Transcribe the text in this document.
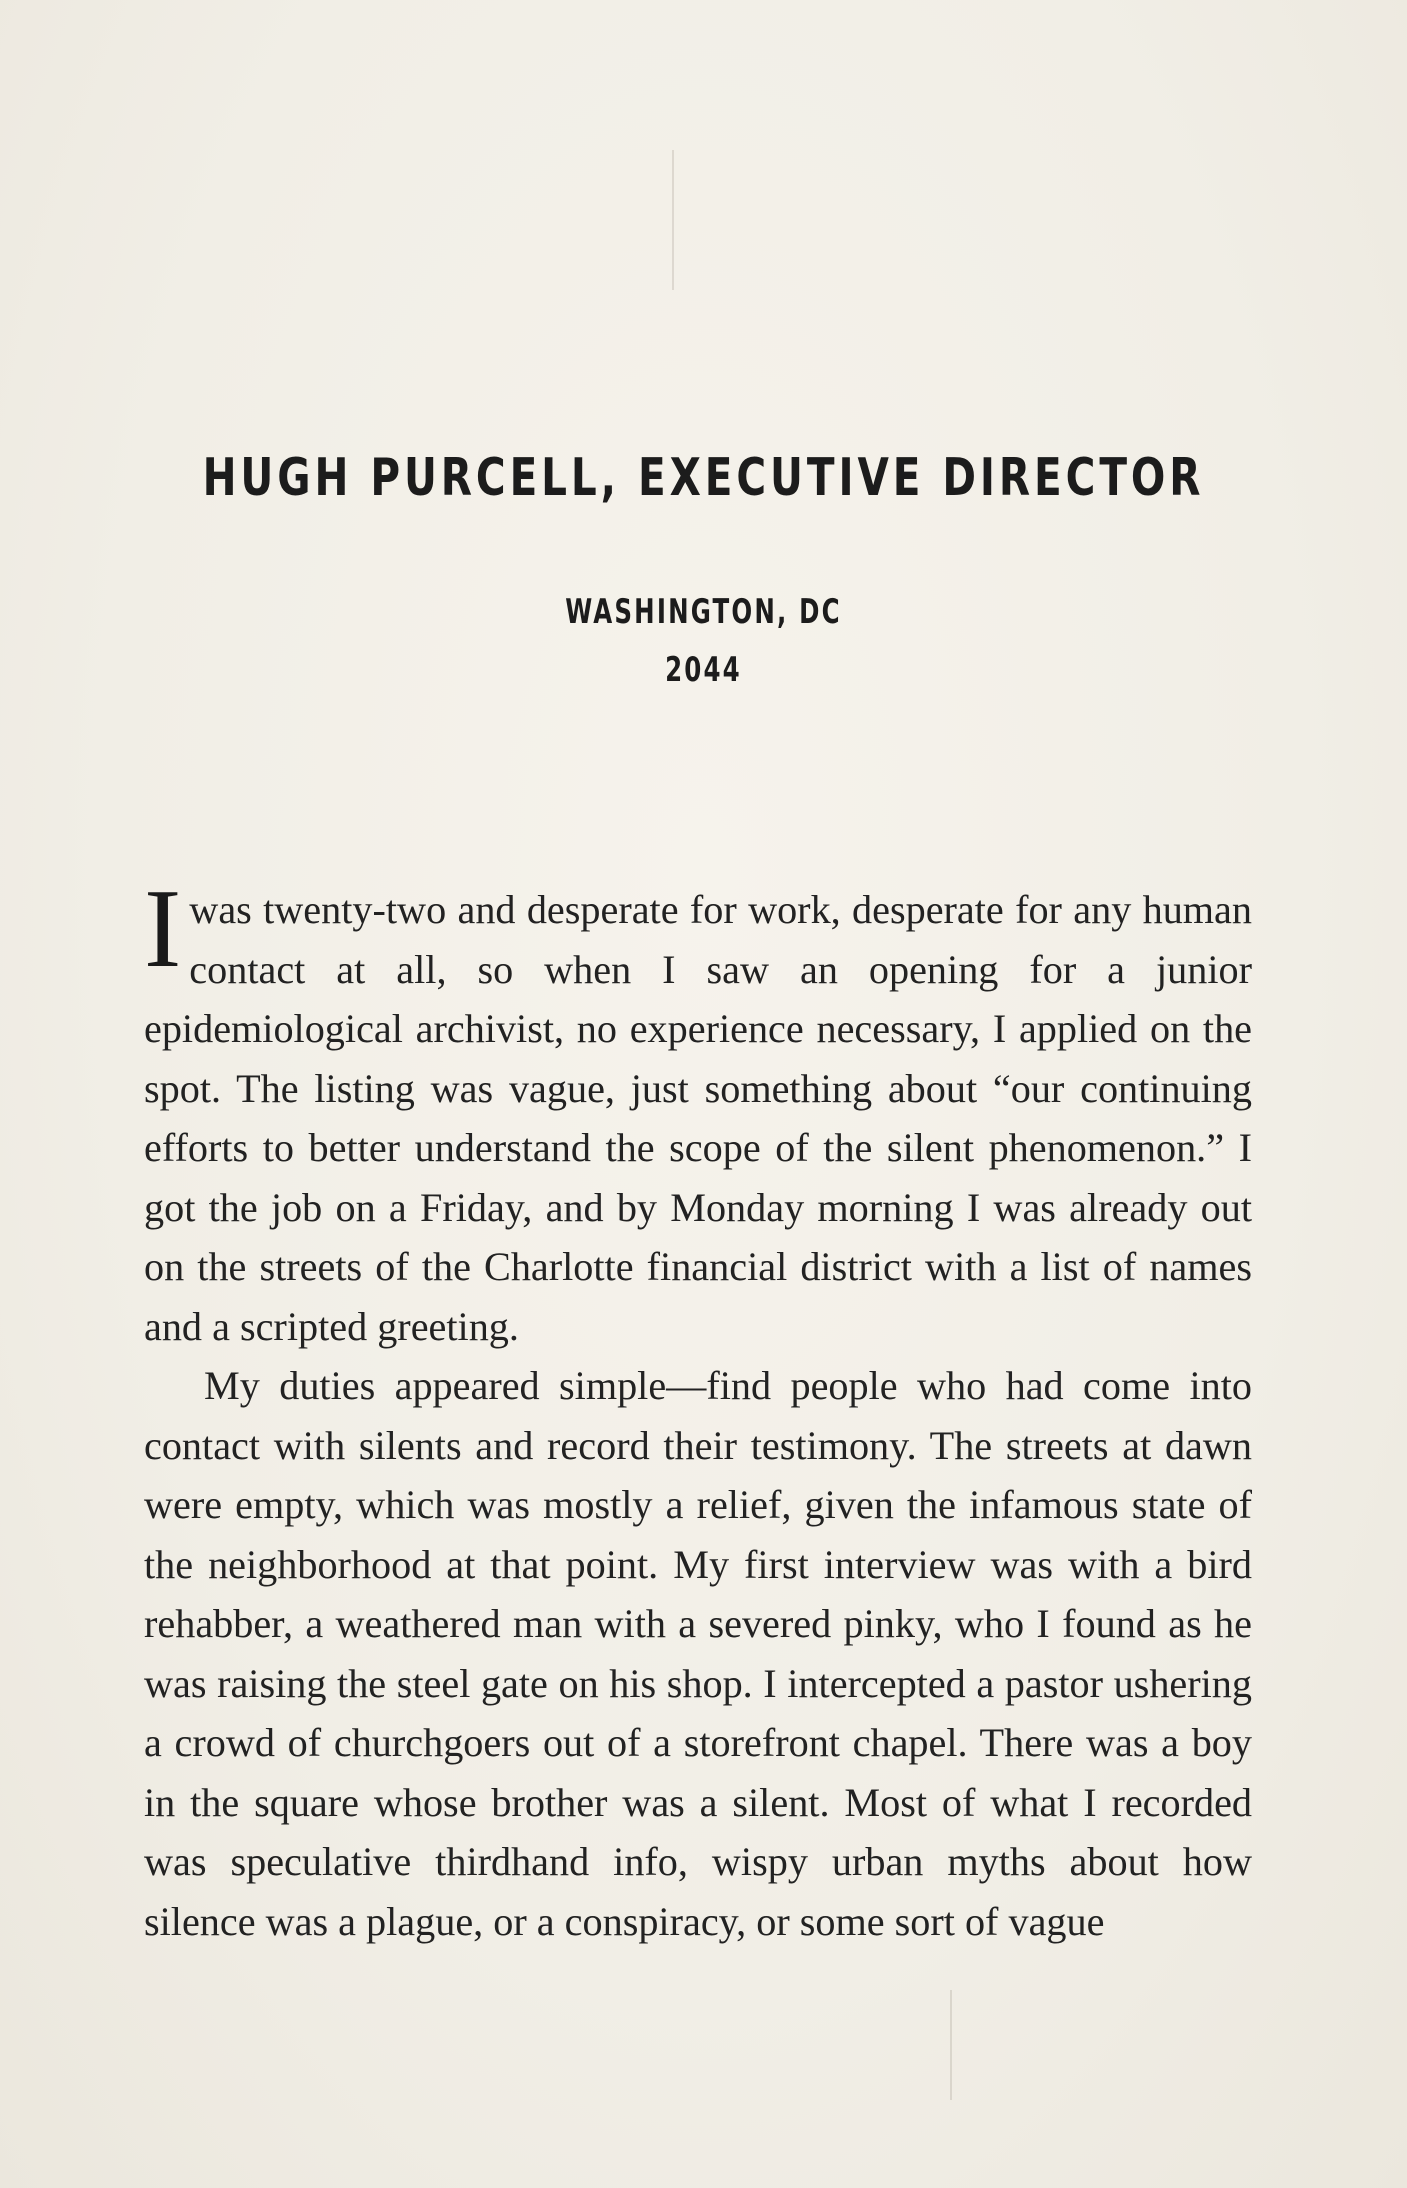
HUGH PURCELL, EXECUTIVE DIRECTOR
WASHINGTON, DC
2044

I was twenty-two and desperate for work, desperate for any human contact at all, so when I saw an opening for a junior epidemiological archivist, no experience necessary, I applied on the spot. The listing was vague, just something about “our continuing efforts to better understand the scope of the silent phenomenon.” I got the job on a Friday, and by Monday morning I was already out on the streets of the Charlotte financial district with a list of names and a scripted greeting.

My duties appeared simple—find people who had come into contact with silents and record their testimony. The streets at dawn were empty, which was mostly a relief, given the infamous state of the neighborhood at that point. My first interview was with a bird rehabber, a weathered man with a severed pinky, who I found as he was raising the steel gate on his shop. I intercepted a pastor ushering a crowd of churchgoers out of a storefront chapel. There was a boy in the square whose brother was a silent. Most of what I recorded was speculative thirdhand info, wispy urban myths about how silence was a plague, or a conspiracy, or some sort of vague
